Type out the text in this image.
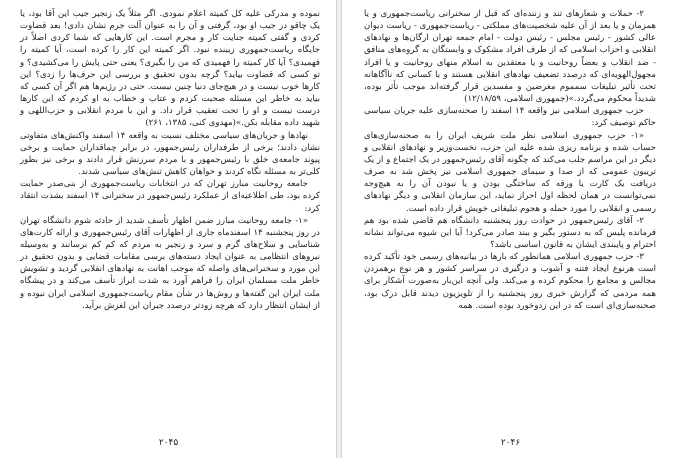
نموده و مدرکی علیه کل کمیته اعلام نمودی. اگر مثلاً یک زنجیر جیب این آقا بود، یا یک چاقو در جیب او بود، گرفتی و آن را به عنوان آلت جرم نشان دادی! بعد قضاوت کردی و گفتی کمیته جنایت کار و مجرم است. این کارهایی که شما کردی اصلاً در جایگاه ریاست‌جمهوری زیبنده نبود. اگر کمیته این کار را کرده است، آیا کمیته را فهمیدی؟ آیا کار کمیته را فهمیدی که من را بگیری؟ یعنی حتی پایش را می‌کشیدی؟ و تو کسی که قضاوت بیاید؟ گرچه بدون تحقیق و بررسی این حرف‌ها را زدی؟ این کارها خوب نیست و در هیچ‌جای دنیا چنین نیست. حتی در رژیم‌ها هم اگر آن کسی که بیاید به خاطر این مسئله صحبت کردم و عتاب و خطاب به او کردم که این کارها درست نیست و او را تحت تعقیب قرار داد. و این با مردم انقلابی و حزب‌اللهی و شهید داده مقابله بکن.»(مهدوی کنی، ۱۳۸۵، ۲۶۱)

نهادها و جریان‌های سیاسی مختلف نسبت به واقعه ۱۴ اسفند واکنش‌های متفاوتی نشان دادند؛ برخی از طرفداران رئیس‌جمهور، در برابر چماقداران حمایت و برخی پیوند جامعه‌ی خلق با رئیس‌جمهور و با مردم سرزنش قرار دادند و برخی نیز بطور کلی‌تر به مسئله نگاه کردند و خواهان کاهش تنش‌های سیاسی شدند.

جامعه روحانیت مبارز تهران که در انتخابات ریاست‌جمهوری از بنی‌صدر حمایت کرده بود، طی اطلاعیه‌ای از عملکرد رئیس‌جمهور در سخنرانی ۱۴ اسفند بشدت انتقاد کرد:

«۱- جامعه روحانیت مبارز ضمن اظهار تأسف شدید از حادثه شوم دانشگاه تهران در روز پنجشنبه ۱۴ اسفند‌ماه جاری از اظهارات آقای رئیس‌جمهوری و ارائه کارت‌های شناسایی و سلاح‌های گرم و سرد و زنجیر به مردم که کم کم برسانند و به‌وسیله نیروهای انتظامی به عنوان ایجاد دسته‌های برسی مقامات قضایی و بدون تحقیق در این مورد و سخنرانی‌های واصله که موجب اهانت به نهادهای انقلابی گردید و تشویش خاطر ملت مسلمان ایران را فراهم آورد به شدت ابراز تأسف می‌کند و در پیشگاه ملت ایران این گفته‌ها و روش‌ها در شأن مقام ریاست‌جمهوری اسلامی ایران نبوده و از ایشان انتظار دارد که هرچه زودتر درصدد جبران این لغزش برآید.

۲۰۴۵

۲- حملات و شعارهای تند و زننده‌ای که قبل از سخنرانی ریاست‌جمهوری و یا همزمان و یا بعد از آن علیه شخصیت‌های مملکتی - ریاست‌جمهوری - ریاست دیوان عالی کشور - رئیس مجلس - رئیس دولت - امام جمعه تهران ارگان‌ها و نهادهای انقلابی و احزاب اسلامی که از طرف افراد مشکوک و وابستگان به گروه‌های منافق - ضد انقلاب و بعضاً روحانیت و یا معتقدین به اسلام منهای روحانیت و یا افراد مجهول‌الهویه‌ای که درصدد تضعیف نهادهای انقلابی هستند و با کسانی که ناآگاهانه تحت تأثیر تبلیغات سمموم مغرضین و مفسدین قرار گرفته‌اند موجب تأثر بوده، شدیداً محکوم می‌گردد.»(جمهوری اسلامی، ۱۲/۱۸/۵۹)

حزب جمهوری اسلامی نیز واقعه ۱۴ اسفند را صحنه‌سازی علیه جریان سیاسی حاکم توصیف کرد:

«۱- حزب جمهوری اسلامی نظر ملت شریف ایران را به صحنه‌سازی‌های حساب شده و برنامه ریزی شده علیه این حزب، نخست‌وزیر و نهادهای انقلابی و دیگر در این مراسم جلب می‌کند که چگونه آقای رئیس‌جمهور در یک اجتماع و از یک تریبون عمومی که از صدا و سیمای جمهوری اسلامی نیز پخش شد به صرف دریافت یک کارت یا ورقه که ساختگی بودن و یا نبودن آن را به هیچ‌وجه نمی‌توانست در همان لحظه اول احراز نماید، این سازمان انقلابی و دیگر نهادهای رسمی و انقلابی را مورد حمله و هجوم تبلیغاتی خویش قرار داده است.

۲- آقای رئیس‌جمهور در حوادث روز پنجشنبه دانشگاه هم قاضی شده بود هم فرمانده پلیس که به دستور بگیر و ببند صادر می‌کرد! آیا این شیوه می‌تواند نشانه احترام و پایبندی ایشان به قانون اساسی باشد؟

۳- حزب جمهوری اسلامی همانطور که بارها در بیانیه‌های رسمی خود تأکید کرده است هرنوع ایجاد فتنه و آشوب و درگیری در سراسر کشور و هر نوع برهمزدن مجالس و مجامع را محکوم کرده و می‌کند. ولی آنچه این‌بار به‌صورت آشکار برای همه مردمی که گزارش خبری روز پنجشنبه را از تلویزیون دیدند قابل درک بود، صحنه‌سازی‌ای است که در این زدوخورد بوده است. همه

۲۰۴۶
